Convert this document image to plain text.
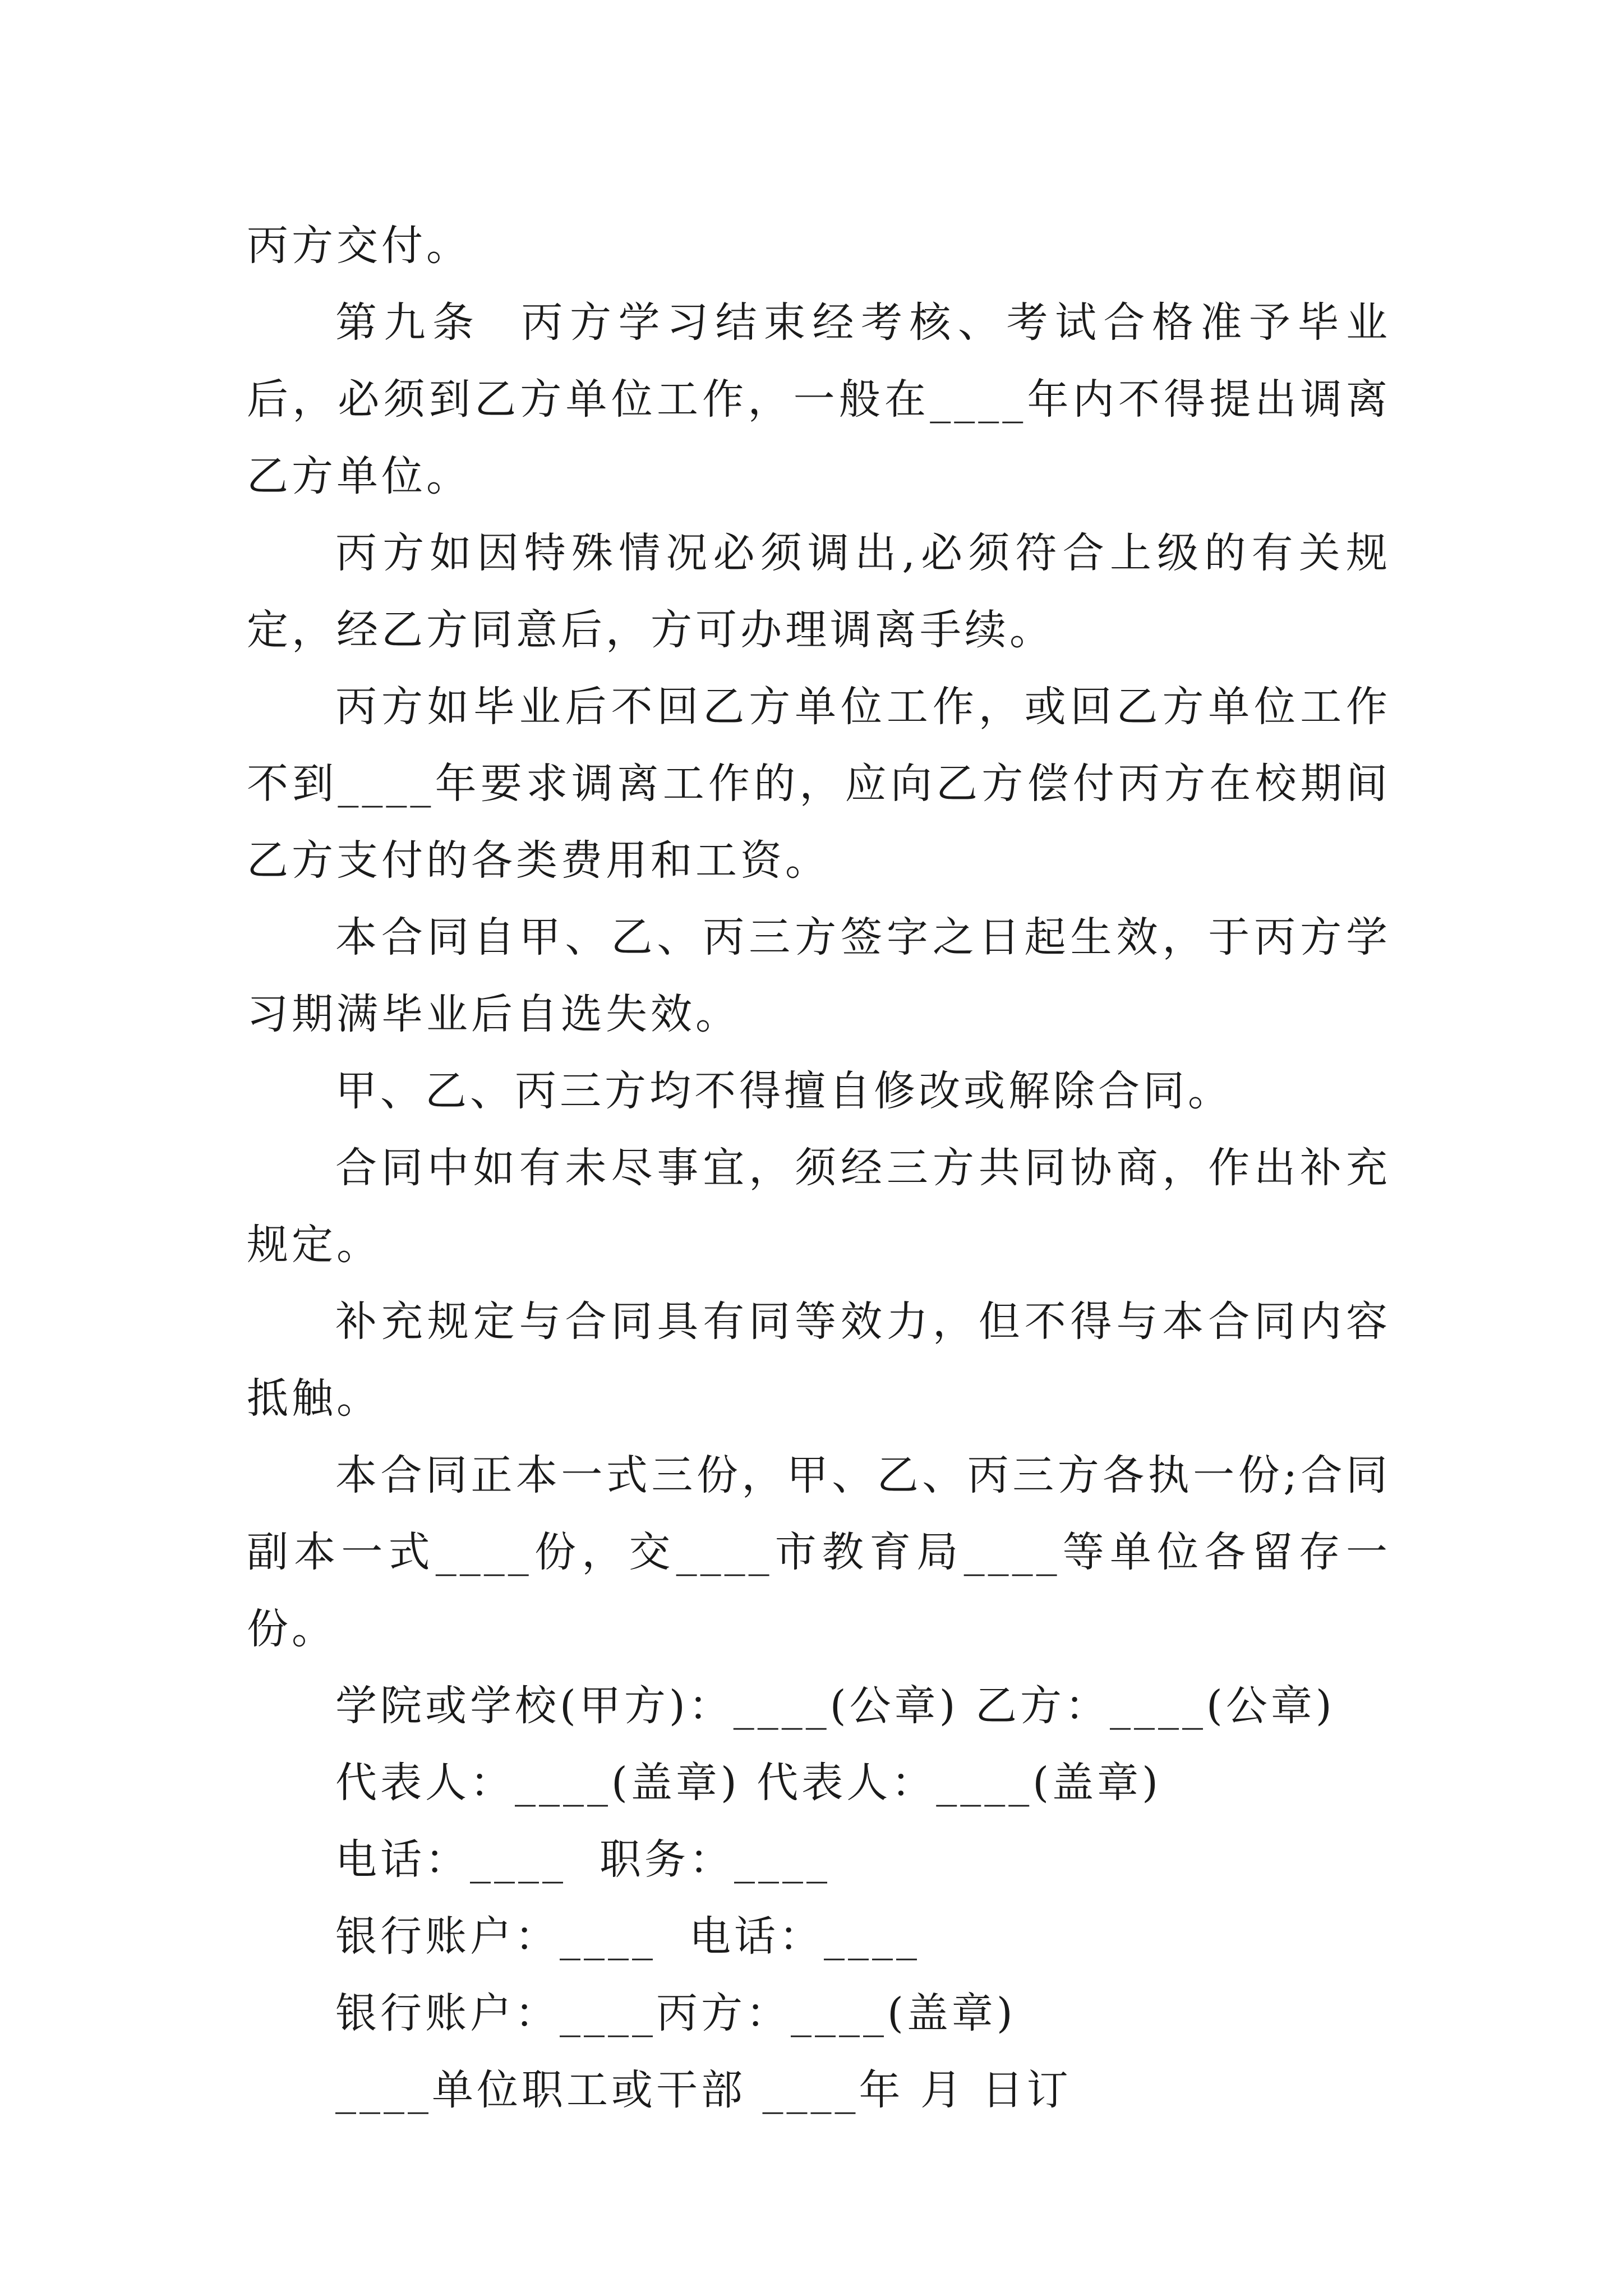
丙方交付。

第九条  丙方学习结束经考核、考试合格准予毕业后，必须到乙方单位工作，一般在____年内不得提出调离乙方单位。

丙方如因特殊情况必须调出,必须符合上级的有关规定，经乙方同意后，方可办理调离手续。

丙方如毕业后不回乙方单位工作，或回乙方单位工作不到____年要求调离工作的，应向乙方偿付丙方在校期间乙方支付的各类费用和工资。

本合同自甲、乙、丙三方签字之日起生效，于丙方学习期满毕业后自选失效。

甲、乙、丙三方均不得擅自修改或解除合同。

合同中如有未尽事宜，须经三方共同协商，作出补充规定。

补充规定与合同具有同等效力，但不得与本合同内容抵触。

本合同正本一式三份，甲、乙、丙三方各执一份;合同副本一式____份，交____市教育局____等单位各留存一份。

学院或学校(甲方)：____(公章) 乙方：____(公章)

代表人：____(盖章) 代表人：____(盖章)

电话：____  职务：____

银行账户：____  电话：____

银行账户：____丙方：____(盖章)

____单位职工或干部 ____年 月 日订
